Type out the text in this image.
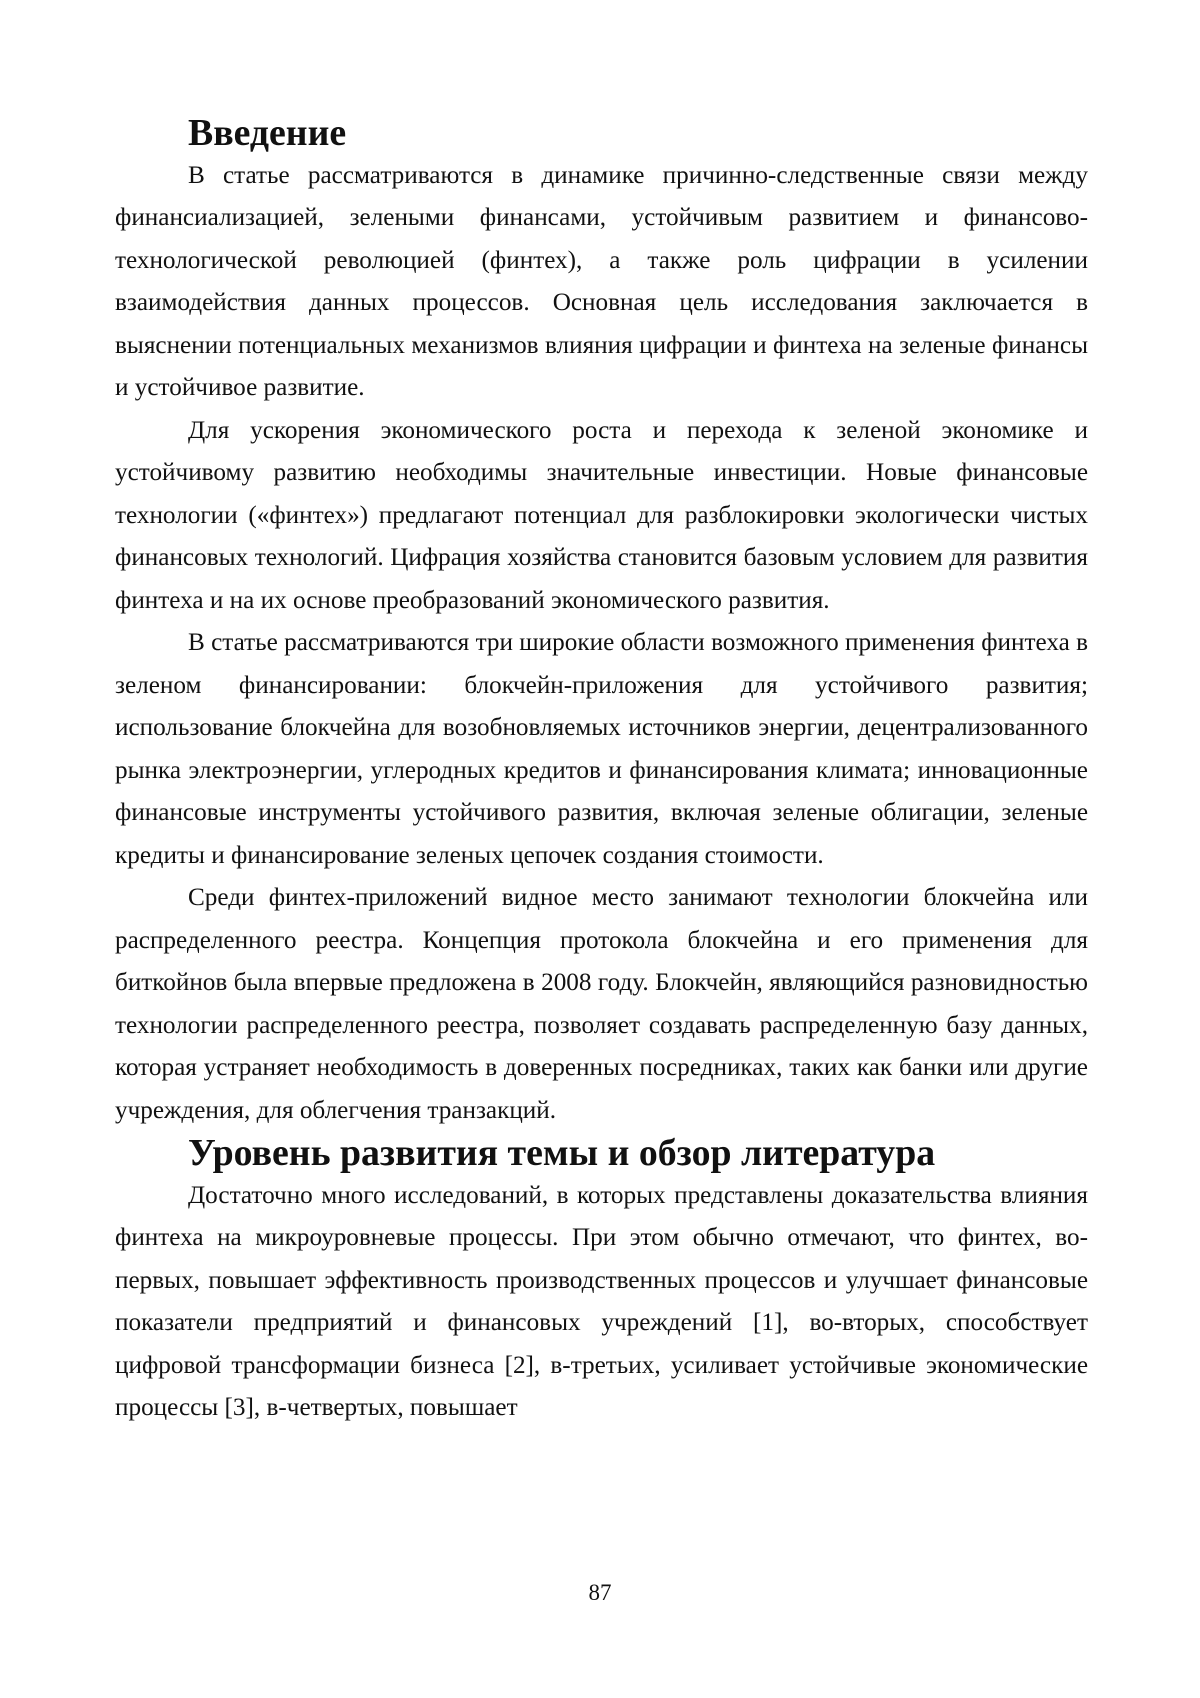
Введение

В статье рассматриваются в динамике причинно-следственные связи между финансиализацией, зелеными финансами, устойчивым развитием и финансово-технологической революцией (финтех), а также роль цифрации в усилении взаимодействия данных процессов. Основная цель исследования заключается в выяснении потенциальных механизмов влияния цифрации и финтеха на зеленые финансы и устойчивое развитие.

Для ускорения экономического роста и перехода к зеленой экономике и устойчивому развитию необходимы значительные инвестиции. Новые финансовые технологии («финтех») предлагают потенциал для разблокировки экологически чистых финансовых технологий. Цифрация хозяйства становится базовым условием для развития финтеха и на их основе преобразований экономического развития.

В статье рассматриваются три широкие области возможного применения финтеха в зеленом финансировании: блокчейн-приложения для устойчивого развития; использование блокчейна для возобновляемых источников энергии, децентрализованного рынка электроэнергии, углеродных кредитов и финансирования климата; инновационные финансовые инструменты устойчивого развития, включая зеленые облигации, зеленые кредиты и финансирование зеленых цепочек создания стоимости.

Среди финтех-приложений видное место занимают технологии блокчейна или распределенного реестра. Концепция протокола блокчейна и его применения для биткойнов была впервые предложена в 2008 году. Блокчейн, являющийся разновидностью технологии распределенного реестра, позволяет создавать распределенную базу данных, которая устраняет необходимость в доверенных посредниках, таких как банки или другие учреждения, для облегчения транзакций.

Уровень развития темы и обзор литература

Достаточно много исследований, в которых представлены доказательства влияния финтеха на микроуровневые процессы. При этом обычно отмечают, что финтех, во-первых, повышает эффективность производственных процессов и улучшает финансовые показатели предприятий и финансовых учреждений [1], во-вторых, способствует цифровой трансформации бизнеса [2], в-третьих, усиливает устойчивые экономические процессы [3], в-четвертых, повышает

87
